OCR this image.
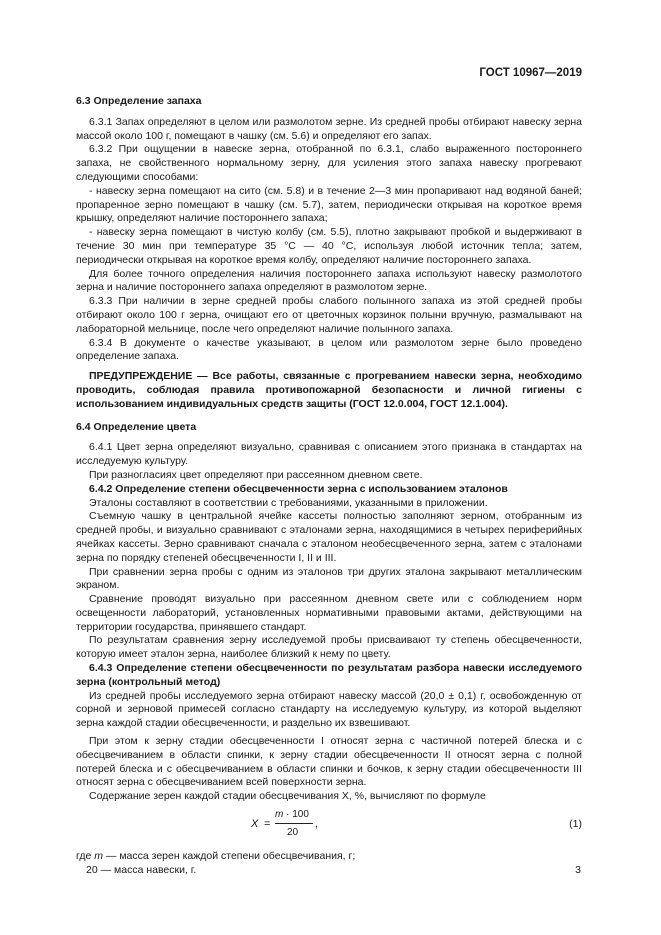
ГОСТ 10967—2019
6.3 Определение запаха

6.3.1 Запах определяют в целом или размолотом зерне. Из средней пробы отбирают навеску зерна массой около 100 г, помещают в чашку (см. 5.6) и определяют его запах.

6.3.2 При ощущении в навеске зерна, отобранной по 6.3.1, слабо выраженного постороннего запаха, не свойственного нормальному зерну, для усиления этого запаха навеску прогревают следующими способами:

- навеску зерна помещают на сито (см. 5.8) и в течение 2—3 мин пропаривают над водяной баней; пропаренное зерно помещают в чашку (см. 5.7), затем, периодически открывая на короткое время крышку, определяют наличие постороннего запаха;

- навеску зерна помещают в чистую колбу (см. 5.5), плотно закрывают пробкой и выдерживают в течение 30 мин при температуре 35 °С — 40 °С, используя любой источник тепла; затем, периодически открывая на короткое время колбу, определяют наличие постороннего запаха.

Для более точного определения наличия постороннего запаха используют навеску размолотого зерна и наличие постороннего запаха определяют в размолотом зерне.

6.3.3 При наличии в зерне средней пробы слабого полынного запаха из этой средней пробы отбирают около 100 г зерна, очищают его от цветочных корзинок полыни вручную, размалывают на лабораторной мельнице, после чего определяют наличие полынного запаха.

6.3.4 В документе о качестве указывают, в целом или размолотом зерне было проведено определение запаха.

ПРЕДУПРЕЖДЕНИЕ — Все работы, связанные с прогреванием навески зерна, необходимо проводить, соблюдая правила противопожарной безопасности и личной гигиены с использованием индивидуальных средств защиты (ГОСТ 12.0.004, ГОСТ 12.1.004).

6.4 Определение цвета

6.4.1 Цвет зерна определяют визуально, сравнивая с описанием этого признака в стандартах на исследуемую культуру.

При разногласиях цвет определяют при рассеянном дневном свете.

6.4.2 Определение степени обесцвеченности зерна с использованием эталонов

Эталоны составляют в соответствии с требованиями, указанными в приложении.

Съемную чашку в центральной ячейке кассеты полностью заполняют зерном, отобранным из средней пробы, и визуально сравнивают с эталонами зерна, находящимися в четырех периферийных ячейках кассеты. Зерно сравнивают сначала с эталоном необесцвеченного зерна, затем с эталонами зерна по порядку степеней обесцвеченности I, II и III.

При сравнении зерна пробы с одним из эталонов три других эталона закрывают металлическим экраном.

Сравнение проводят визуально при рассеянном дневном свете или с соблюдением норм освещенности лабораторий, установленных нормативными правовыми актами, действующими на территории государства, принявшего стандарт.

По результатам сравнения зерну исследуемой пробы присваивают ту степень обесцвеченности, которую имеет эталон зерна, наиболее близкий к нему по цвету.

6.4.3 Определение степени обесцвеченности по результатам разбора навески исследуемого зерна (контрольный метод)

Из средней пробы исследуемого зерна отбирают навеску массой (20,0 ± 0,1) г, освобожденную от сорной и зерновой примесей согласно стандарту на исследуемую культуру, из которой выделяют зерна каждой стадии обесцвеченности, и раздельно их взвешивают.

При этом к зерну стадии обесцвеченности I относят зерна с частичной потерей блеска и с обесцвечиванием в области спинки, к зерну стадии обесцвеченности II относят зерна с полной потерей блеска и с обесцвечиванием в области спинки и бочков, к зерну стадии обесцвеченности III относят зерна с обесцвечиванием всей поверхности зерна.

Содержание зерен каждой стадии обесцвечивания X, %, вычисляют по формуле

X =
m · 100
20
,	(1)

где m — масса зерен каждой степени обесцвечивания, г;

20 — масса навески, г.	3
